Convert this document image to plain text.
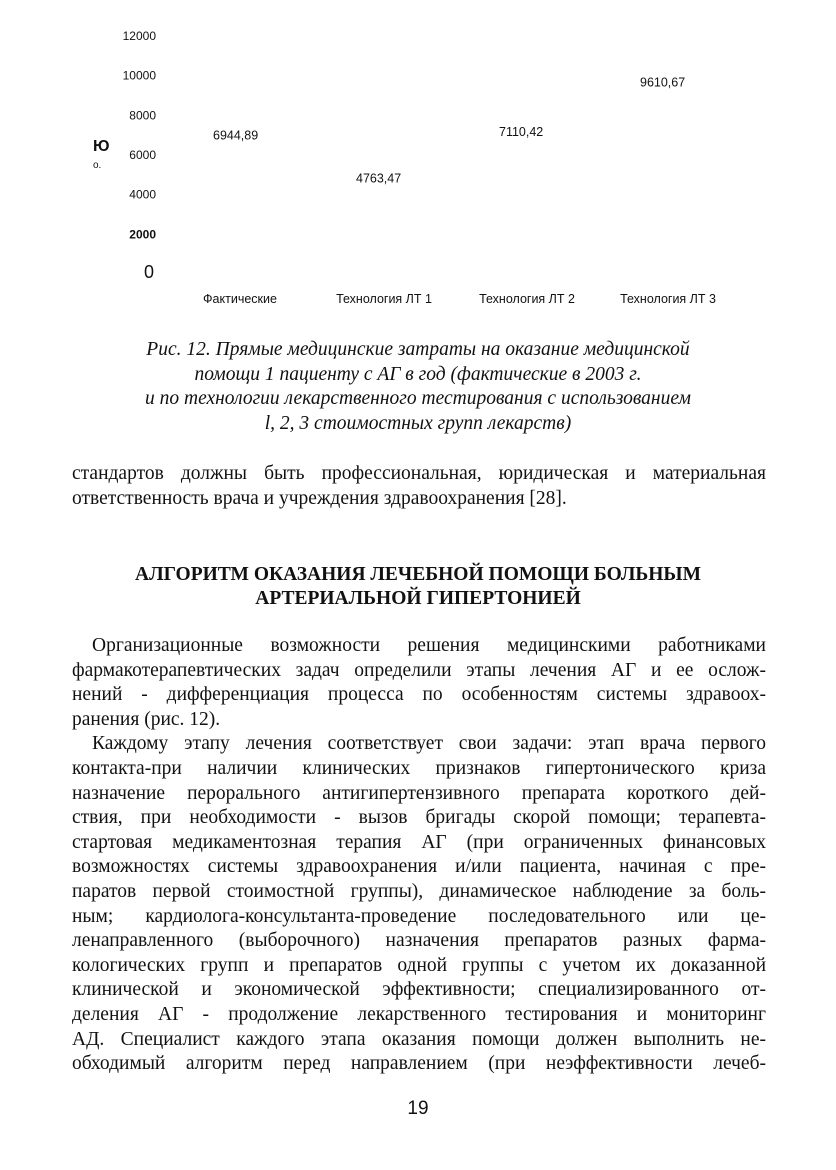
12000
10000
8000
6000
4000
2000
0
Ю
о.
6944,89
4763,47
7110,42
9610,67
Фактические	Технология ЛТ 1	Технология ЛТ 2	Технология ЛТ 3
Рис. 12. Прямые медицинские затраты на оказание медицинской
помощи 1 пациенту с АГ в год (фактические в 2003 г.
и по технологии лекарственного тестирования с использованием
l, 2, 3 стоимостных групп лекарств)
стандартов должны быть профессиональная, юридическая и материальная
ответственность врача и учреждения здравоохранения [28].
АЛГОРИТМ ОКАЗАНИЯ ЛЕЧЕБНОЙ ПОМОЩИ БОЛЬНЫМ
АРТЕРИАЛЬНОЙ ГИПЕРТОНИЕЙ
Организационные возможности решения медицинскими работниками
фармакотерапевтических задач определили этапы лечения АГ и ее ослож-
нений - дифференциация процесса по особенностям системы здравоох-
ранения (рис. 12).
Каждому этапу лечения соответствует свои задачи: этап врача первого
контакта-при наличии клинических признаков гипертонического криза
назначение перорального антигипертензивного препарата короткого дей-
ствия, при необходимости - вызов бригады скорой помощи; терапевта-
стартовая медикаментозная терапия АГ (при ограниченных финансовых
возможностях системы здравоохранения и/или пациента, начиная с пре-
паратов первой стоимостной группы), динамическое наблюдение за боль-
ным; кардиолога-консультанта-проведение последовательного или це-
ленаправленного (выборочного) назначения препаратов разных фарма-
кологических групп и препаратов одной группы с учетом их доказанной
клинической и экономической эффективности; специализированного от-
деления АГ - продолжение лекарственного тестирования и мониторинг
АД. Специалист каждого этапа оказания помощи должен выполнить не-
обходимый алгоритм перед направлением (при неэффективности лечеб-
19
